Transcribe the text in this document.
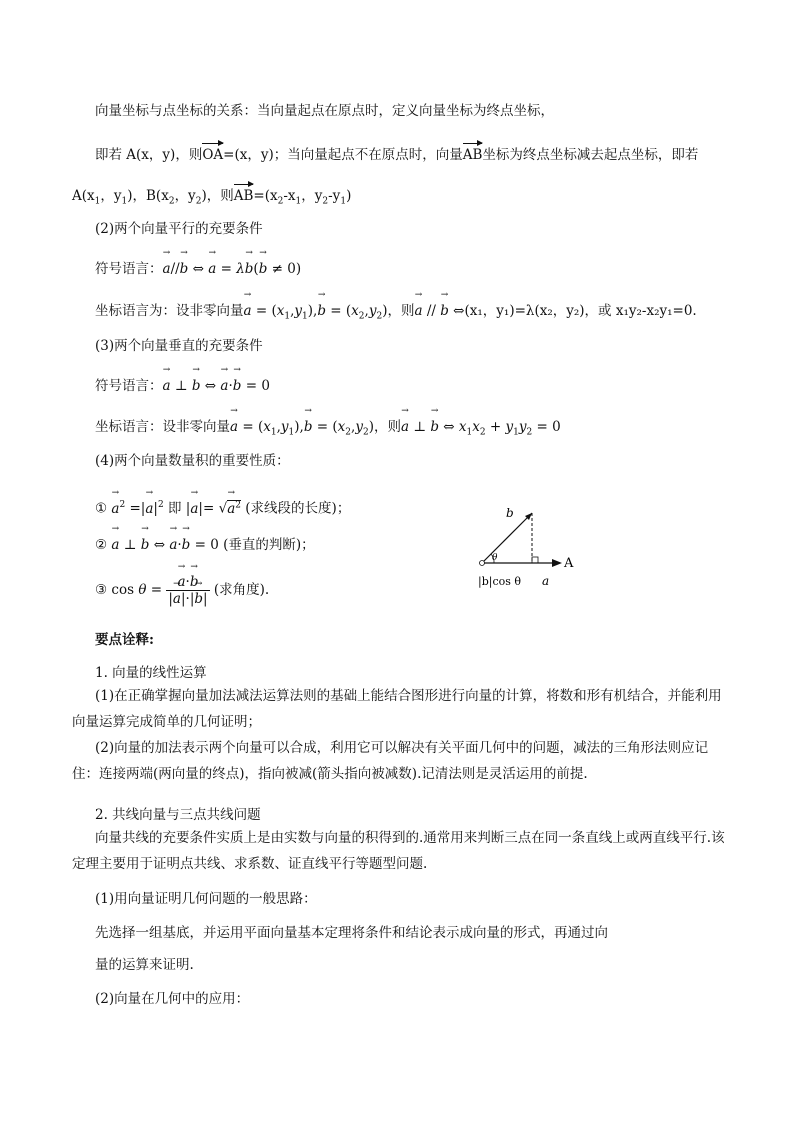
向量坐标与点坐标的关系：当向量起点在原点时，定义向量坐标为终点坐标，
即若 A(x，y)，则OA=(x，y)；当向量起点不在原点时，向量AB坐标为终点坐标减去起点坐标，即若
$A(x_1$，$y_1$)，$B(x_2$，$y_2$)，则$AB=(x_2-x_1$，$y_2-y_1$)
(2)两个向量平行的充要条件
符号语言：→ a//→ b ⇔ → a = λ→ b(→ b ≠ 0)
坐标语言为：设非零向量→ $a = (x_1,y_1),\to b = (x_2,y_2)$，则→ a // → b ⇔(x₁，y₁)=λ(x₂，y₂)，或 x₁y₂-x₂y₁=0.
(3)两个向量垂直的充要条件
符号语言：→ a ⊥ → b ⇔ → a·→ b = 0
坐标语言：设非零向量→ $a = (x_1,y_1),\to b = (x_2,y_2)$，则→ a ⊥ → b ⇔ $x_1x_2 + y_1y_2 = 0$
(4)两个向量数量积的重要性质：
① → $a^2$ =|→ $a|^2$ 即 |→ a|= √→ $a^2$ (求线段的长度)；
② → a ⊥ → b ⇔ → a·→ b = 0 (垂直的判断)；
③ cos θ =
→ $\frac{a\cdot\to b}{|\to a|\cdot|\to b|}$ (求角度).
θ
b
a
A
|b|cos θ
要点诠释:
1. 向量的线性运算
(1)在正确掌握向量加法减法运算法则的基础上能结合图形进行向量的计算，将数和形有机结合，并能利用向量运算完成简单的几何证明；
(2)向量的加法表示两个向量可以合成，利用它可以解决有关平面几何中的问题，减法的三角形法则应记住：连接两端(两向量的终点)，指向被减(箭头指向被减数).记清法则是灵活运用的前提.
2. 共线向量与三点共线问题
向量共线的充要条件实质上是由实数与向量的积得到的.通常用来判断三点在同一条直线上或两直线平行.该定理主要用于证明点共线、求系数、证直线平行等题型问题.
(1)用向量证明几何问题的一般思路：
先选择一组基底，并运用平面向量基本定理将条件和结论表示成向量的形式，再通过向
量的运算来证明.
(2)向量在几何中的应用：
